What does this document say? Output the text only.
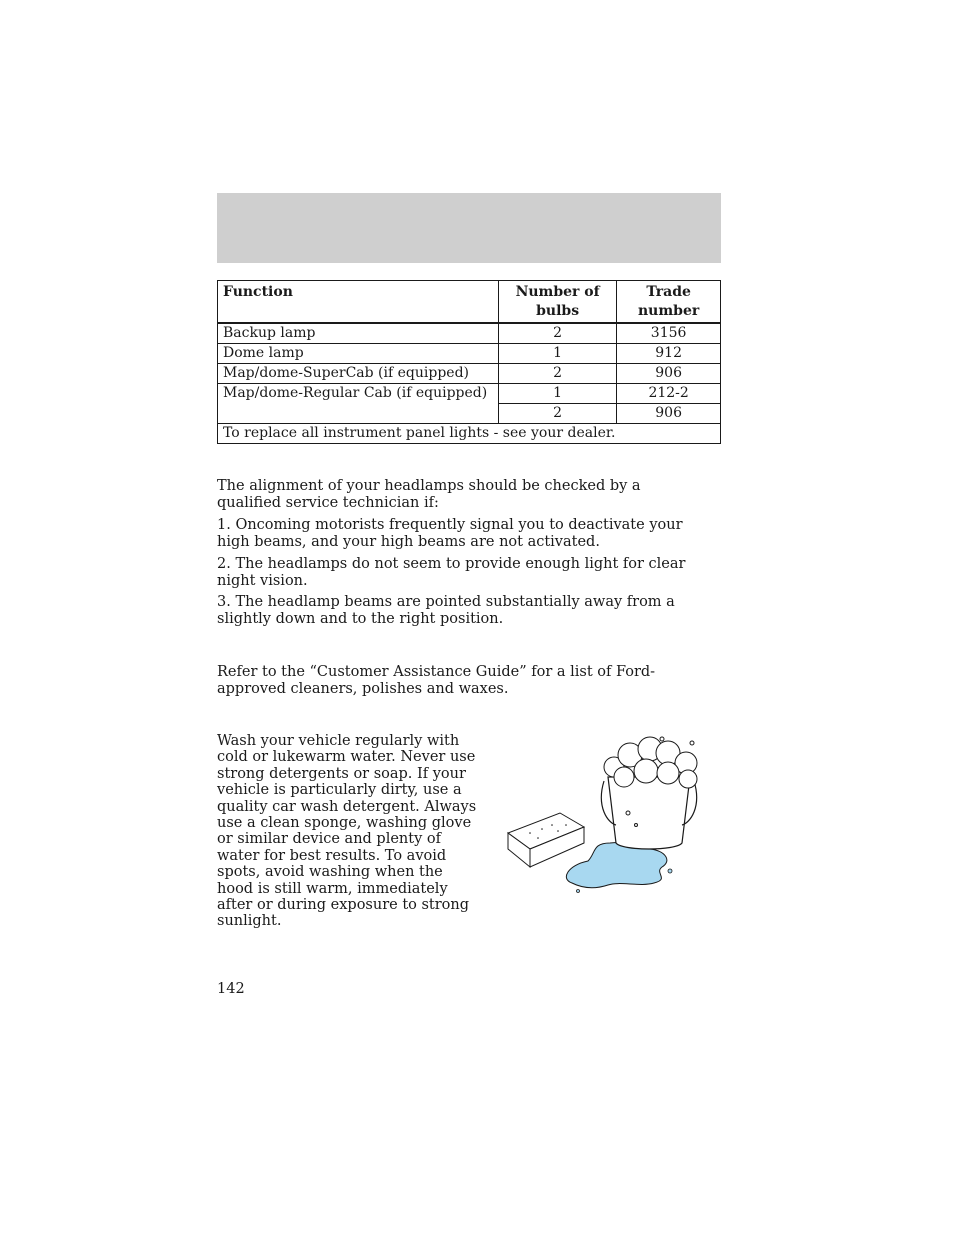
Function	Number of bulbs	Trade number
Backup lamp	2	3156
Dome lamp	1	912
Map/dome-SuperCab (if equipped)	2	906
Map/dome-Regular Cab (if equipped)	1	212-2
	2	906
To replace all instrument panel lights - see your dealer.		

The alignment of your headlamps should be checked by a qualified service technician if:

1. Oncoming motorists frequently signal you to deactivate your high beams, and your high beams are not activated.

2. The headlamps do not seem to provide enough light for clear night vision.

3. The headlamp beams are pointed substantially away from a slightly down and to the right position.

Refer to the “Customer Assistance Guide” for a list of Ford-approved cleaners, polishes and waxes.

Wash your vehicle regularly with cold or lukewarm water. Never use strong detergents or soap. If your vehicle is particularly dirty, use a quality car wash detergent. Always use a clean sponge, washing glove or similar device and plenty of water for best results. To avoid spots, avoid washing when the hood is still warm, immediately after or during exposure to strong sunlight.

142
